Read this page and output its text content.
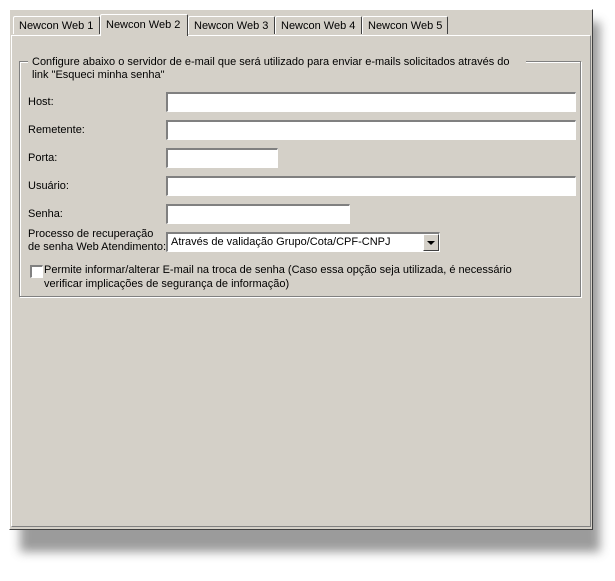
Newcon Web 1	Newcon Web 2	Newcon Web 3	Newcon Web 4	Newcon Web 5
Configure abaixo o servidor de e-mail que será utilizado para enviar e-mails solicitados através do link "Esqueci minha senha"
Host:
Remetente:
Porta:
Usuário:
Senha:
Processo de recuperação
de senha Web Atendimento: Através de validação Grupo/Cota/CPF-CNPJ
Permite informar/alterar E-mail na troca de senha (Caso essa opção seja utilizada, é necessário
verificar implicações de segurança de informação)
